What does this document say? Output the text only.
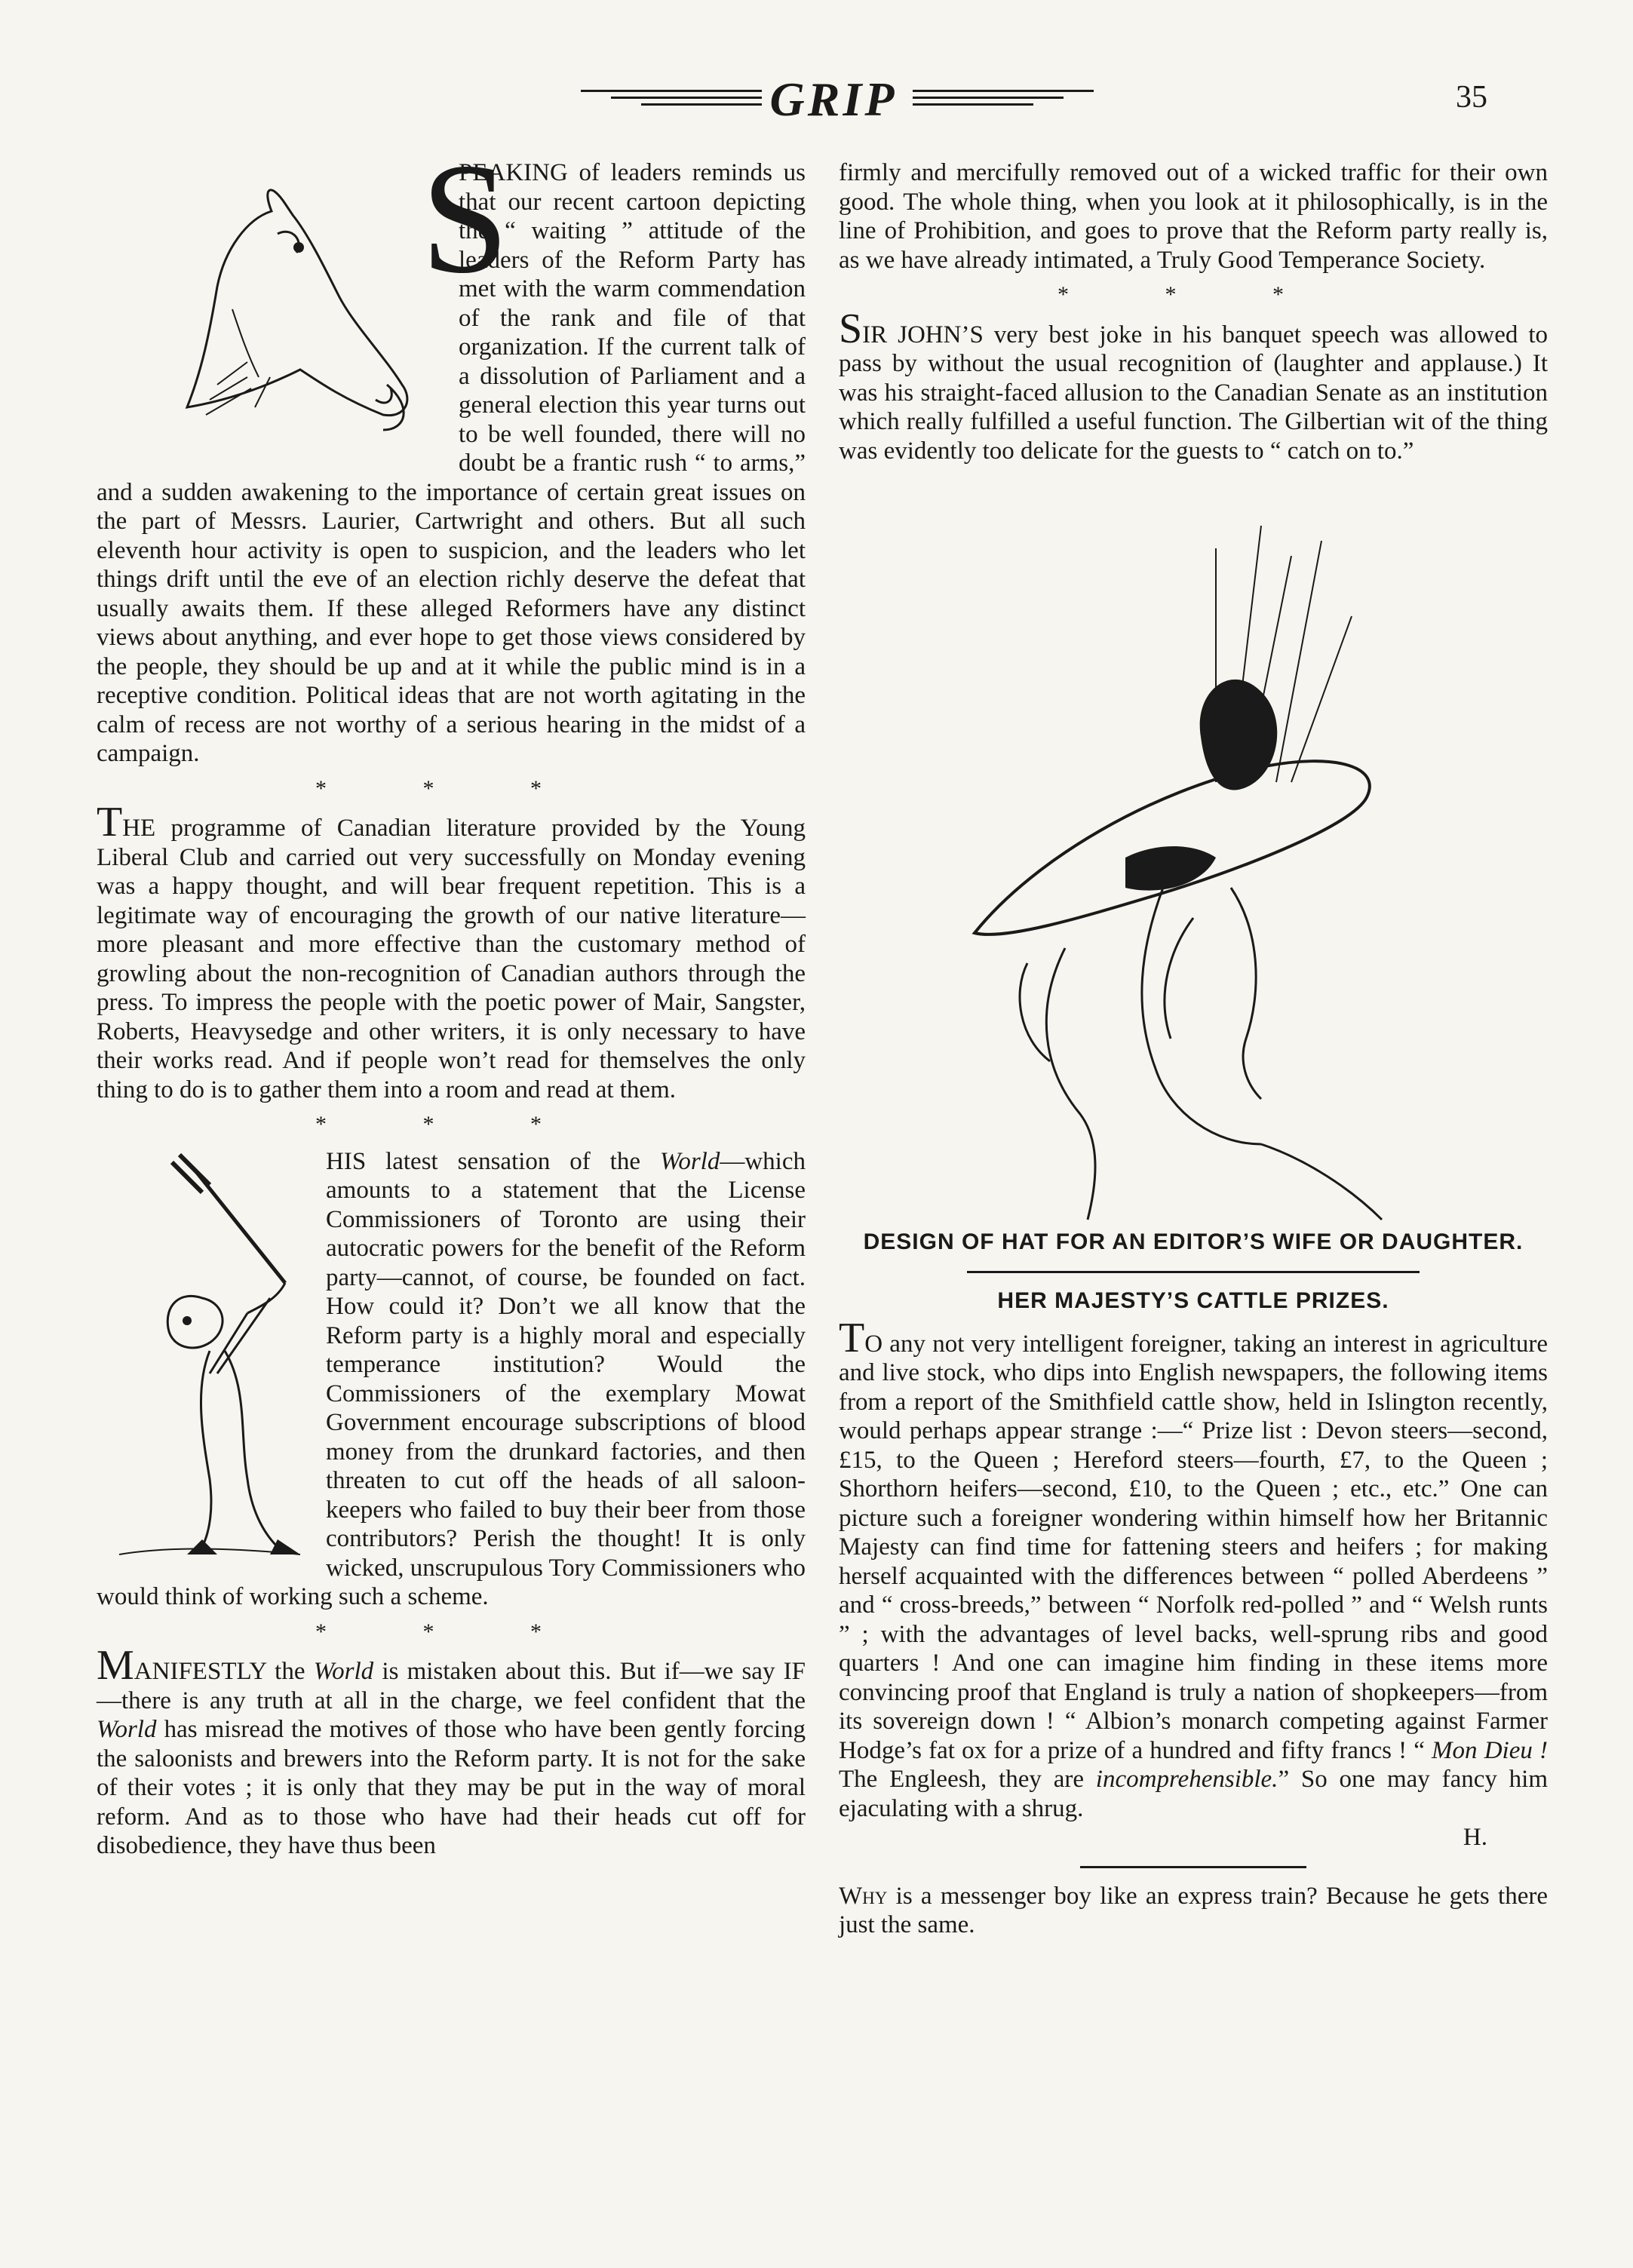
GRIP	35
S

PEAKING of leaders reminds us that our recent cartoon depicting the “ waiting ” attitude of the leaders of the Reform Party has met with the warm commendation of the rank and file of that organization. If the current talk of a dissolution of Parliament and a general election this year turns out to be well founded, there will no doubt be a frantic rush “ to arms,” and a sudden awakening to the importance of certain great issues on the part of Messrs. Laurier, Cartwright and others. But all such eleventh hour activity is open to suspicion, and the leaders who let things drift until the eve of an election richly deserve the defeat that usually awaits them. If these alleged Reformers have any distinct views about anything, and ever hope to get those views considered by the people, they should be up and at it while the public mind is in a receptive condition. Political ideas that are not worth agitating in the calm of recess are not worthy of a serious hearing in the midst of a campaign.

* * *

THE programme of Canadian literature provided by the Young Liberal Club and carried out very successfully on Monday evening was a happy thought, and will bear frequent repetition. This is a legitimate way of encouraging the growth of our native literature—more pleasant and more effective than the customary method of growling about the non-recognition of Canadian authors through the press. To impress the people with the poetic power of Mair, Sangster, Roberts, Heavysedge and other writers, it is only necessary to have their works read. And if people won’t read for themselves the only thing to do is to gather them into a room and read at them.

* * *

HIS latest sensation of the World—which amounts to a statement that the License Commissioners of Toronto are using their autocratic powers for the benefit of the Reform party—cannot, of course, be founded on fact. How could it? Don’t we all know that the Reform party is a highly moral and especially temperance institution? Would the Commissioners of the exemplary Mowat Government encourage subscriptions of blood money from the drunkard factories, and then threaten to cut off the heads of all saloon-keepers who failed to buy their beer from those contributors? Perish the thought! It is only wicked, unscrupulous Tory Commissioners who would think of working such a scheme.

* * *

MANIFESTLY the World is mistaken about this. But if—we say IF—there is any truth at all in the charge, we feel confident that the World has misread the motives of those who have been gently forcing the saloonists and brewers into the Reform party. It is not for the sake of their votes ; it is only that they may be put in the way of moral reform. And as to those who have had their heads cut off for disobedience, they have thus been

firmly and mercifully removed out of a wicked traffic for their own good. The whole thing, when you look at it philosophically, is in the line of Prohibition, and goes to prove that the Reform party really is, as we have already intimated, a Truly Good Temperance Society.

* * *

SIR JOHN’S very best joke in his banquet speech was allowed to pass by without the usual recognition of (laughter and applause.) It was his straight-faced allusion to the Canadian Senate as an institution which really fulfilled a useful function. The Gilbertian wit of the thing was evidently too delicate for the guests to “ catch on to.”

DESIGN OF HAT FOR AN EDITOR’S WIFE OR DAUGHTER.

HER MAJESTY’S CATTLE PRIZES.

TO any not very intelligent foreigner, taking an interest in agriculture and live stock, who dips into English newspapers, the following items from a report of the Smithfield cattle show, held in Islington recently, would perhaps appear strange :—“ Prize list : Devon steers—second, £15, to the Queen ; Hereford steers—fourth, £7, to the Queen ; Shorthorn heifers—second, £10, to the Queen ; etc., etc.” One can picture such a foreigner wondering within himself how her Britannic Majesty can find time for fattening steers and heifers ; for making herself acquainted with the differences between “ polled Aberdeens ” and “ cross-breeds,” between “ Norfolk red-polled ” and “ Welsh runts ” ; with the advantages of level backs, well-sprung ribs and good quarters ! And one can imagine him finding in these items more convincing proof that England is truly a nation of shopkeepers—from its sovereign down ! “ Albion’s monarch competing against Farmer Hodge’s fat ox for a prize of a hundred and fifty francs ! “ Mon Dieu ! The Engleesh, they are incomprehensible.” So one may fancy him ejaculating with a shrug.

H.

Why is a messenger boy like an express train? Because he gets there just the same.
